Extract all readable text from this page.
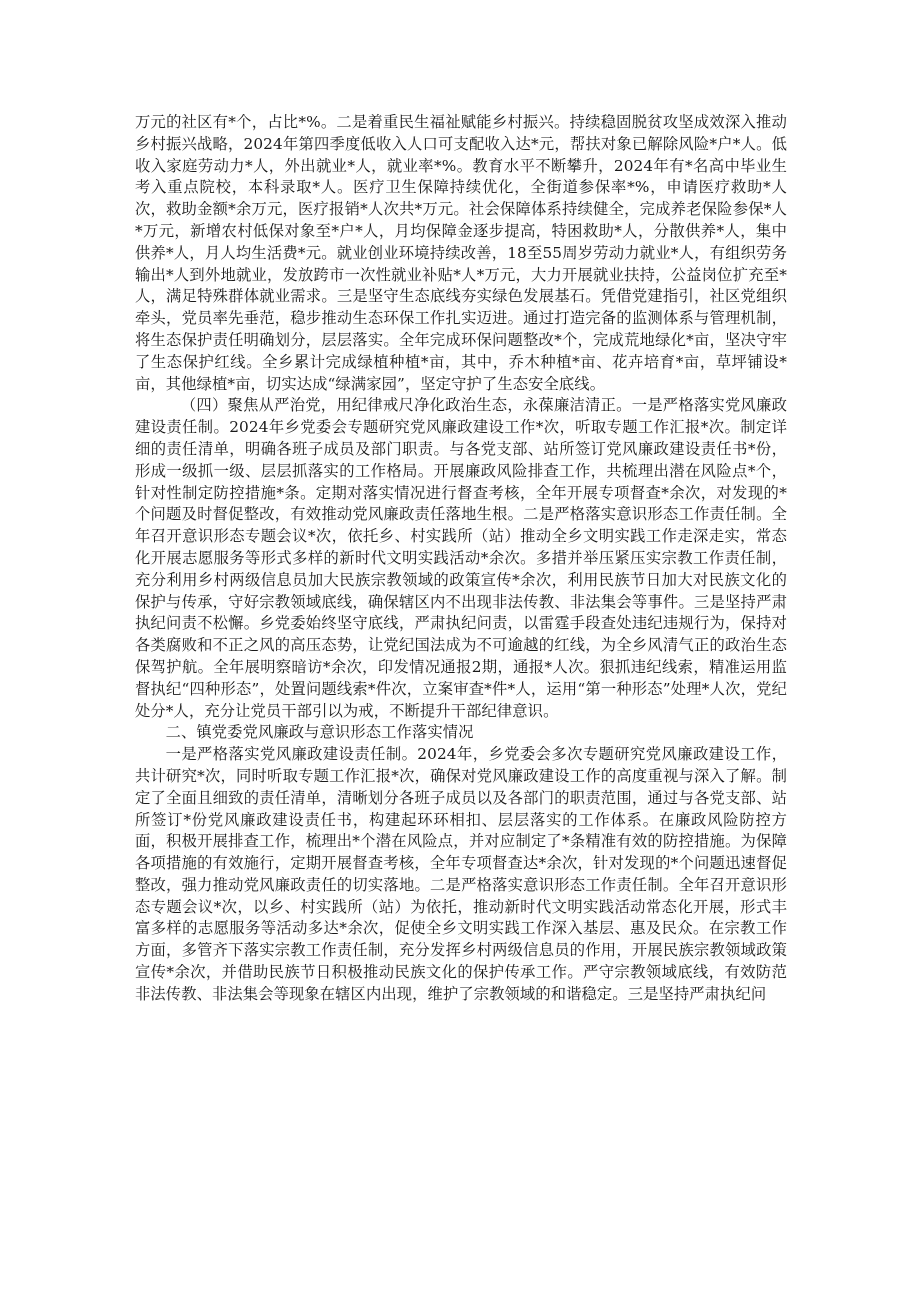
万元的社区有*个，占比*%。二是着重民生福祉赋能乡村振兴。持续稳固脱贫攻坚成效深入推动乡村振兴战略，2024年第四季度低收入人口可支配收入达*元，帮扶对象已解除风险*户*人。低收入家庭劳动力*人，外出就业*人，就业率*%。教育水平不断攀升，2024年有*名高中毕业生考入重点院校，本科录取*人。医疗卫生保障持续优化，全街道参保率*%，申请医疗救助*人次，救助金额*余万元，医疗报销*人次共*万元。社会保障体系持续健全，完成养老保险参保*人*万元，新增农村低保对象至*户*人，月均保障金逐步提高，特困救助*人，分散供养*人，集中供养*人，月人均生活费*元。就业创业环境持续改善，18至55周岁劳动力就业*人，有组织劳务输出*人到外地就业，发放跨市一次性就业补贴*人*万元，大力开展就业扶持，公益岗位扩充至*人，满足特殊群体就业需求。三是坚守生态底线夯实绿色发展基石。凭借党建指引，社区党组织牵头，党员率先垂范，稳步推动生态环保工作扎实迈进。通过打造完备的监测体系与管理机制，将生态保护责任明确划分，层层落实。全年完成环保问题整改*个，完成荒地绿化*亩，坚决守牢了生态保护红线。全乡累计完成绿植种植*亩，其中，乔木种植*亩、花卉培育*亩，草坪铺设*亩，其他绿植*亩，切实达成“绿满家园”，坚定守护了生态安全底线。

（四）聚焦从严治党，用纪律戒尺净化政治生态，永葆廉洁清正。一是严格落实党风廉政建设责任制。2024年乡党委会专题研究党风廉政建设工作*次，听取专题工作汇报*次。制定详细的责任清单，明确各班子成员及部门职责。与各党支部、站所签订党风廉政建设责任书*份，形成一级抓一级、层层抓落实的工作格局。开展廉政风险排查工作，共梳理出潜在风险点*个，针对性制定防控措施*条。定期对落实情况进行督查考核，全年开展专项督查*余次，对发现的*个问题及时督促整改，有效推动党风廉政责任落地生根。二是严格落实意识形态工作责任制。全年召开意识形态专题会议*次，依托乡、村实践所（站）推动全乡文明实践工作走深走实，常态化开展志愿服务等形式多样的新时代文明实践活动*余次。多措并举压紧压实宗教工作责任制，充分利用乡村两级信息员加大民族宗教领域的政策宣传*余次，利用民族节日加大对民族文化的保护与传承，守好宗教领域底线，确保辖区内不出现非法传教、非法集会等事件。三是坚持严肃执纪问责不松懈。乡党委始终坚守底线，严肃执纪问责，以雷霆手段查处违纪违规行为，保持对各类腐败和不正之风的高压态势，让党纪国法成为不可逾越的红线，为全乡风清气正的政治生态保驾护航。全年展明察暗访*余次，印发情况通报2期，通报*人次。狠抓违纪线索，精准运用监督执纪“四种形态”，处置问题线索*件次，立案审查*件*人，运用“第一种形态”处理*人次，党纪处分*人，充分让党员干部引以为戒，不断提升干部纪律意识。

二、镇党委党风廉政与意识形态工作落实情况

一是严格落实党风廉政建设责任制。2024年，乡党委会多次专题研究党风廉政建设工作，共计研究*次，同时听取专题工作汇报*次，确保对党风廉政建设工作的高度重视与深入了解。制定了全面且细致的责任清单，清晰划分各班子成员以及各部门的职责范围，通过与各党支部、站所签订*份党风廉政建设责任书，构建起环环相扣、层层落实的工作体系。在廉政风险防控方面，积极开展排查工作，梳理出*个潜在风险点，并对应制定了*条精准有效的防控措施。为保障各项措施的有效施行，定期开展督查考核，全年专项督查达*余次，针对发现的*个问题迅速督促整改，强力推动党风廉政责任的切实落地。二是严格落实意识形态工作责任制。全年召开意识形态专题会议*次，以乡、村实践所（站）为依托，推动新时代文明实践活动常态化开展，形式丰富多样的志愿服务等活动多达*余次，促使全乡文明实践工作深入基层、惠及民众。在宗教工作方面，多管齐下落实宗教工作责任制，充分发挥乡村两级信息员的作用，开展民族宗教领域政策宣传*余次，并借助民族节日积极推动民族文化的保护传承工作。严守宗教领域底线，有效防范非法传教、非法集会等现象在辖区内出现，维护了宗教领域的和谐稳定。三是坚持严肃执纪问
